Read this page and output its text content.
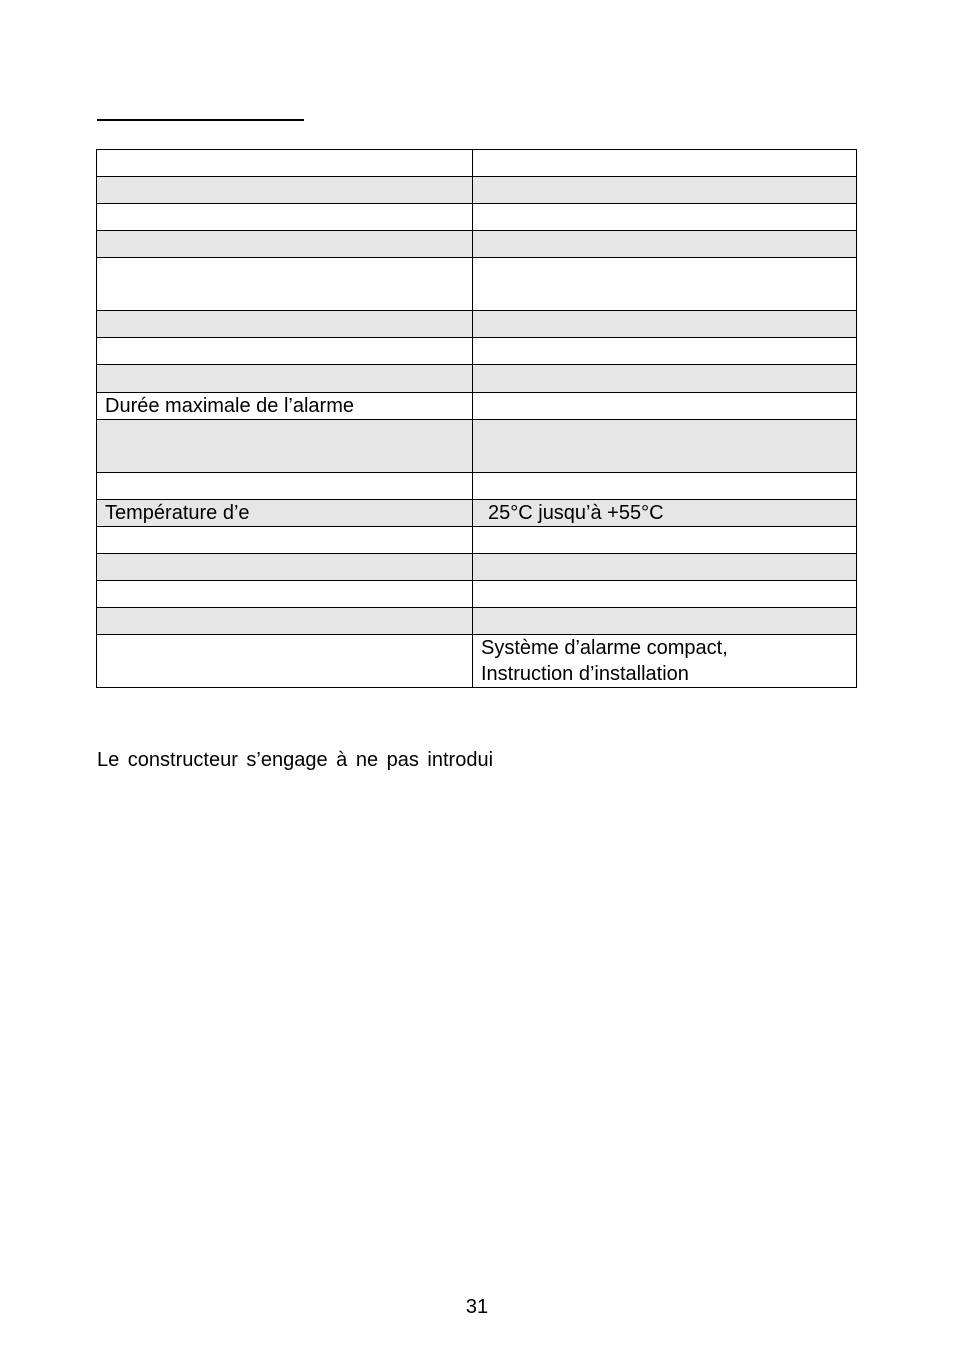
Durée maximale de l’alarme	

Température d’e	25°C jusqu’à +55°C

	Système d’alarme compact,
Instruction d’installation
Le constructeur s’engage à ne pas introdui
31
